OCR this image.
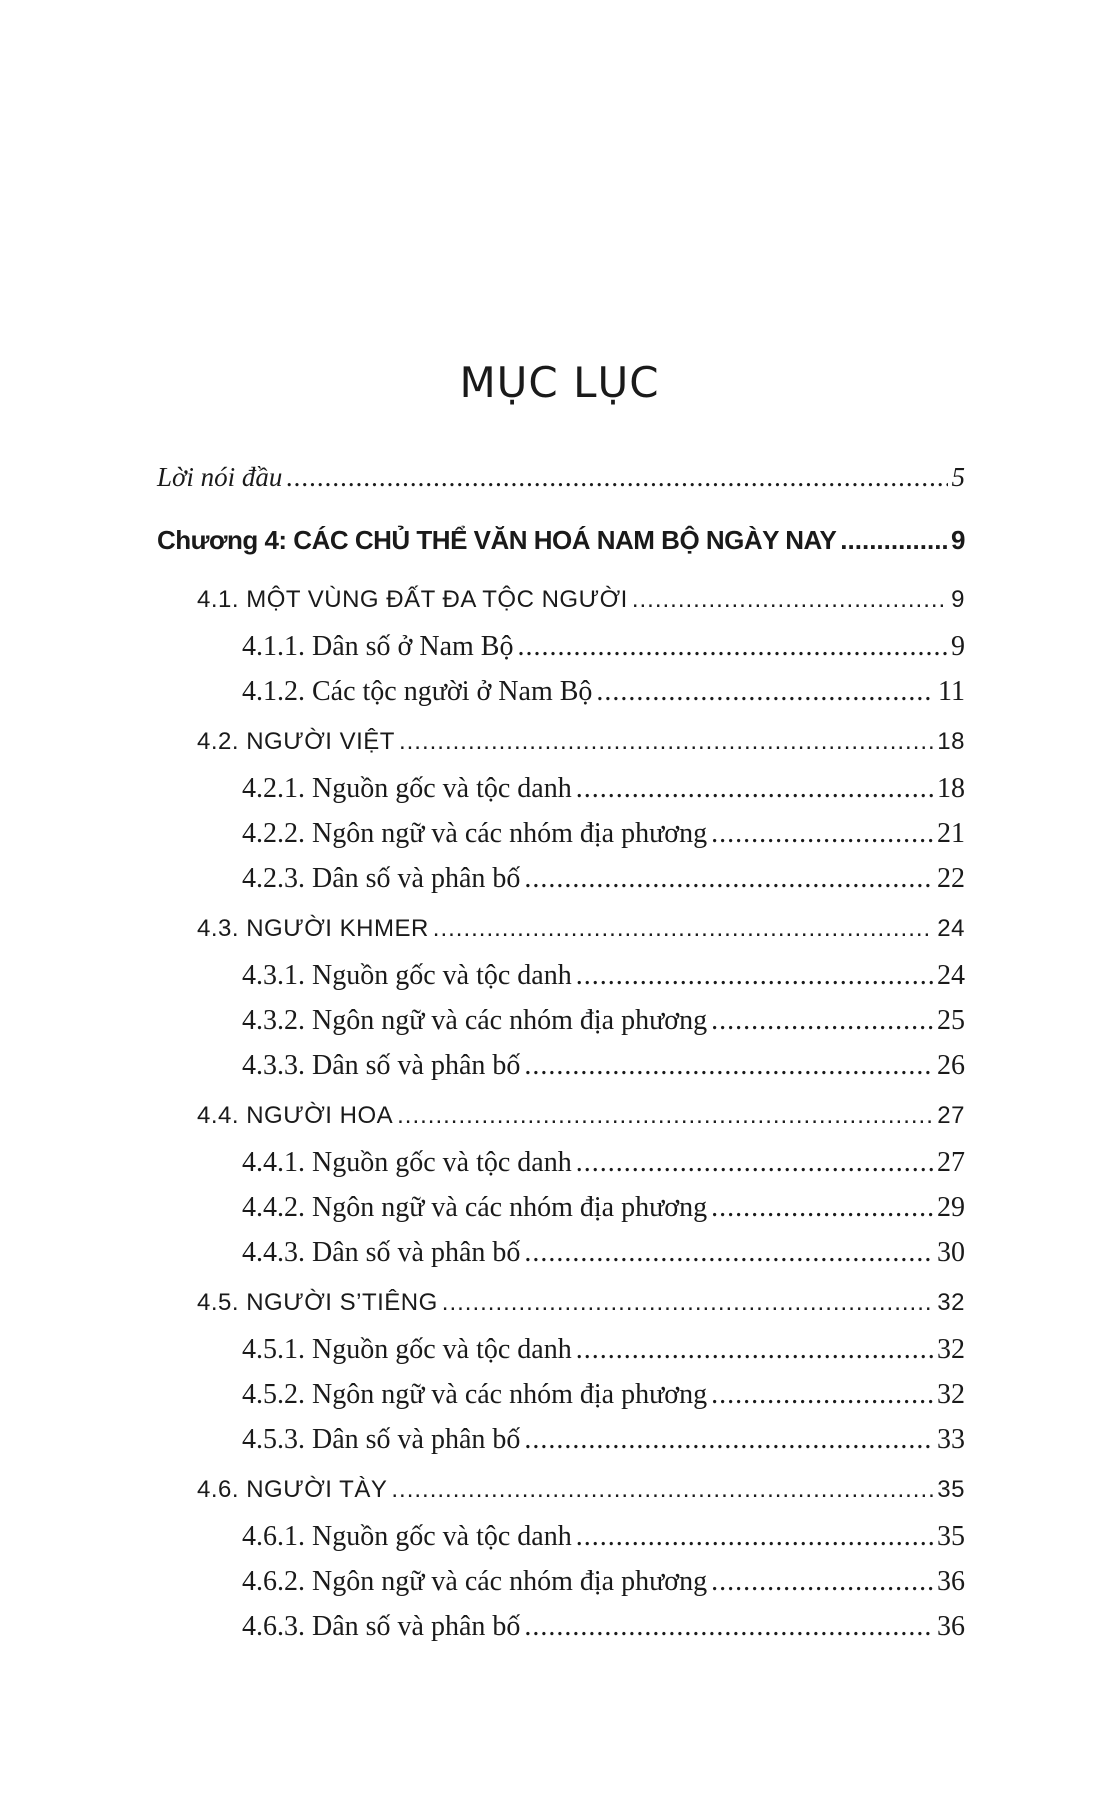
MỤC LỤC
Lời nói đầu .....	5
Chương 4: CÁC CHỦ THỂ VĂN HOÁ NAM BỘ NGÀY NAY .....	9
4.1. MỘT VÙNG ĐẤT ĐA TỘC NGƯỜI .....	9
4.1.1. Dân số ở Nam Bộ .....	9
4.1.2. Các tộc người ở Nam Bộ .....	11
4.2. NGƯỜI VIỆT .....	18
4.2.1. Nguồn gốc và tộc danh .....	18
4.2.2. Ngôn ngữ và các nhóm địa phương .....	21
4.2.3. Dân số và phân bố .....	22
4.3. NGƯỜI KHMER .....	24
4.3.1. Nguồn gốc và tộc danh .....	24
4.3.2. Ngôn ngữ và các nhóm địa phương .....	25
4.3.3. Dân số và phân bố .....	26
4.4. NGƯỜI HOA .....	27
4.4.1. Nguồn gốc và tộc danh .....	27
4.4.2. Ngôn ngữ và các nhóm địa phương .....	29
4.4.3. Dân số và phân bố .....	30
4.5. NGƯỜI S’TIÊNG .....	32
4.5.1. Nguồn gốc và tộc danh .....	32
4.5.2. Ngôn ngữ và các nhóm địa phương .....	32
4.5.3. Dân số và phân bố .....	33
4.6. NGƯỜI TÀY .....	35
4.6.1. Nguồn gốc và tộc danh .....	35
4.6.2. Ngôn ngữ và các nhóm địa phương .....	36
4.6.3. Dân số và phân bố .....	36
